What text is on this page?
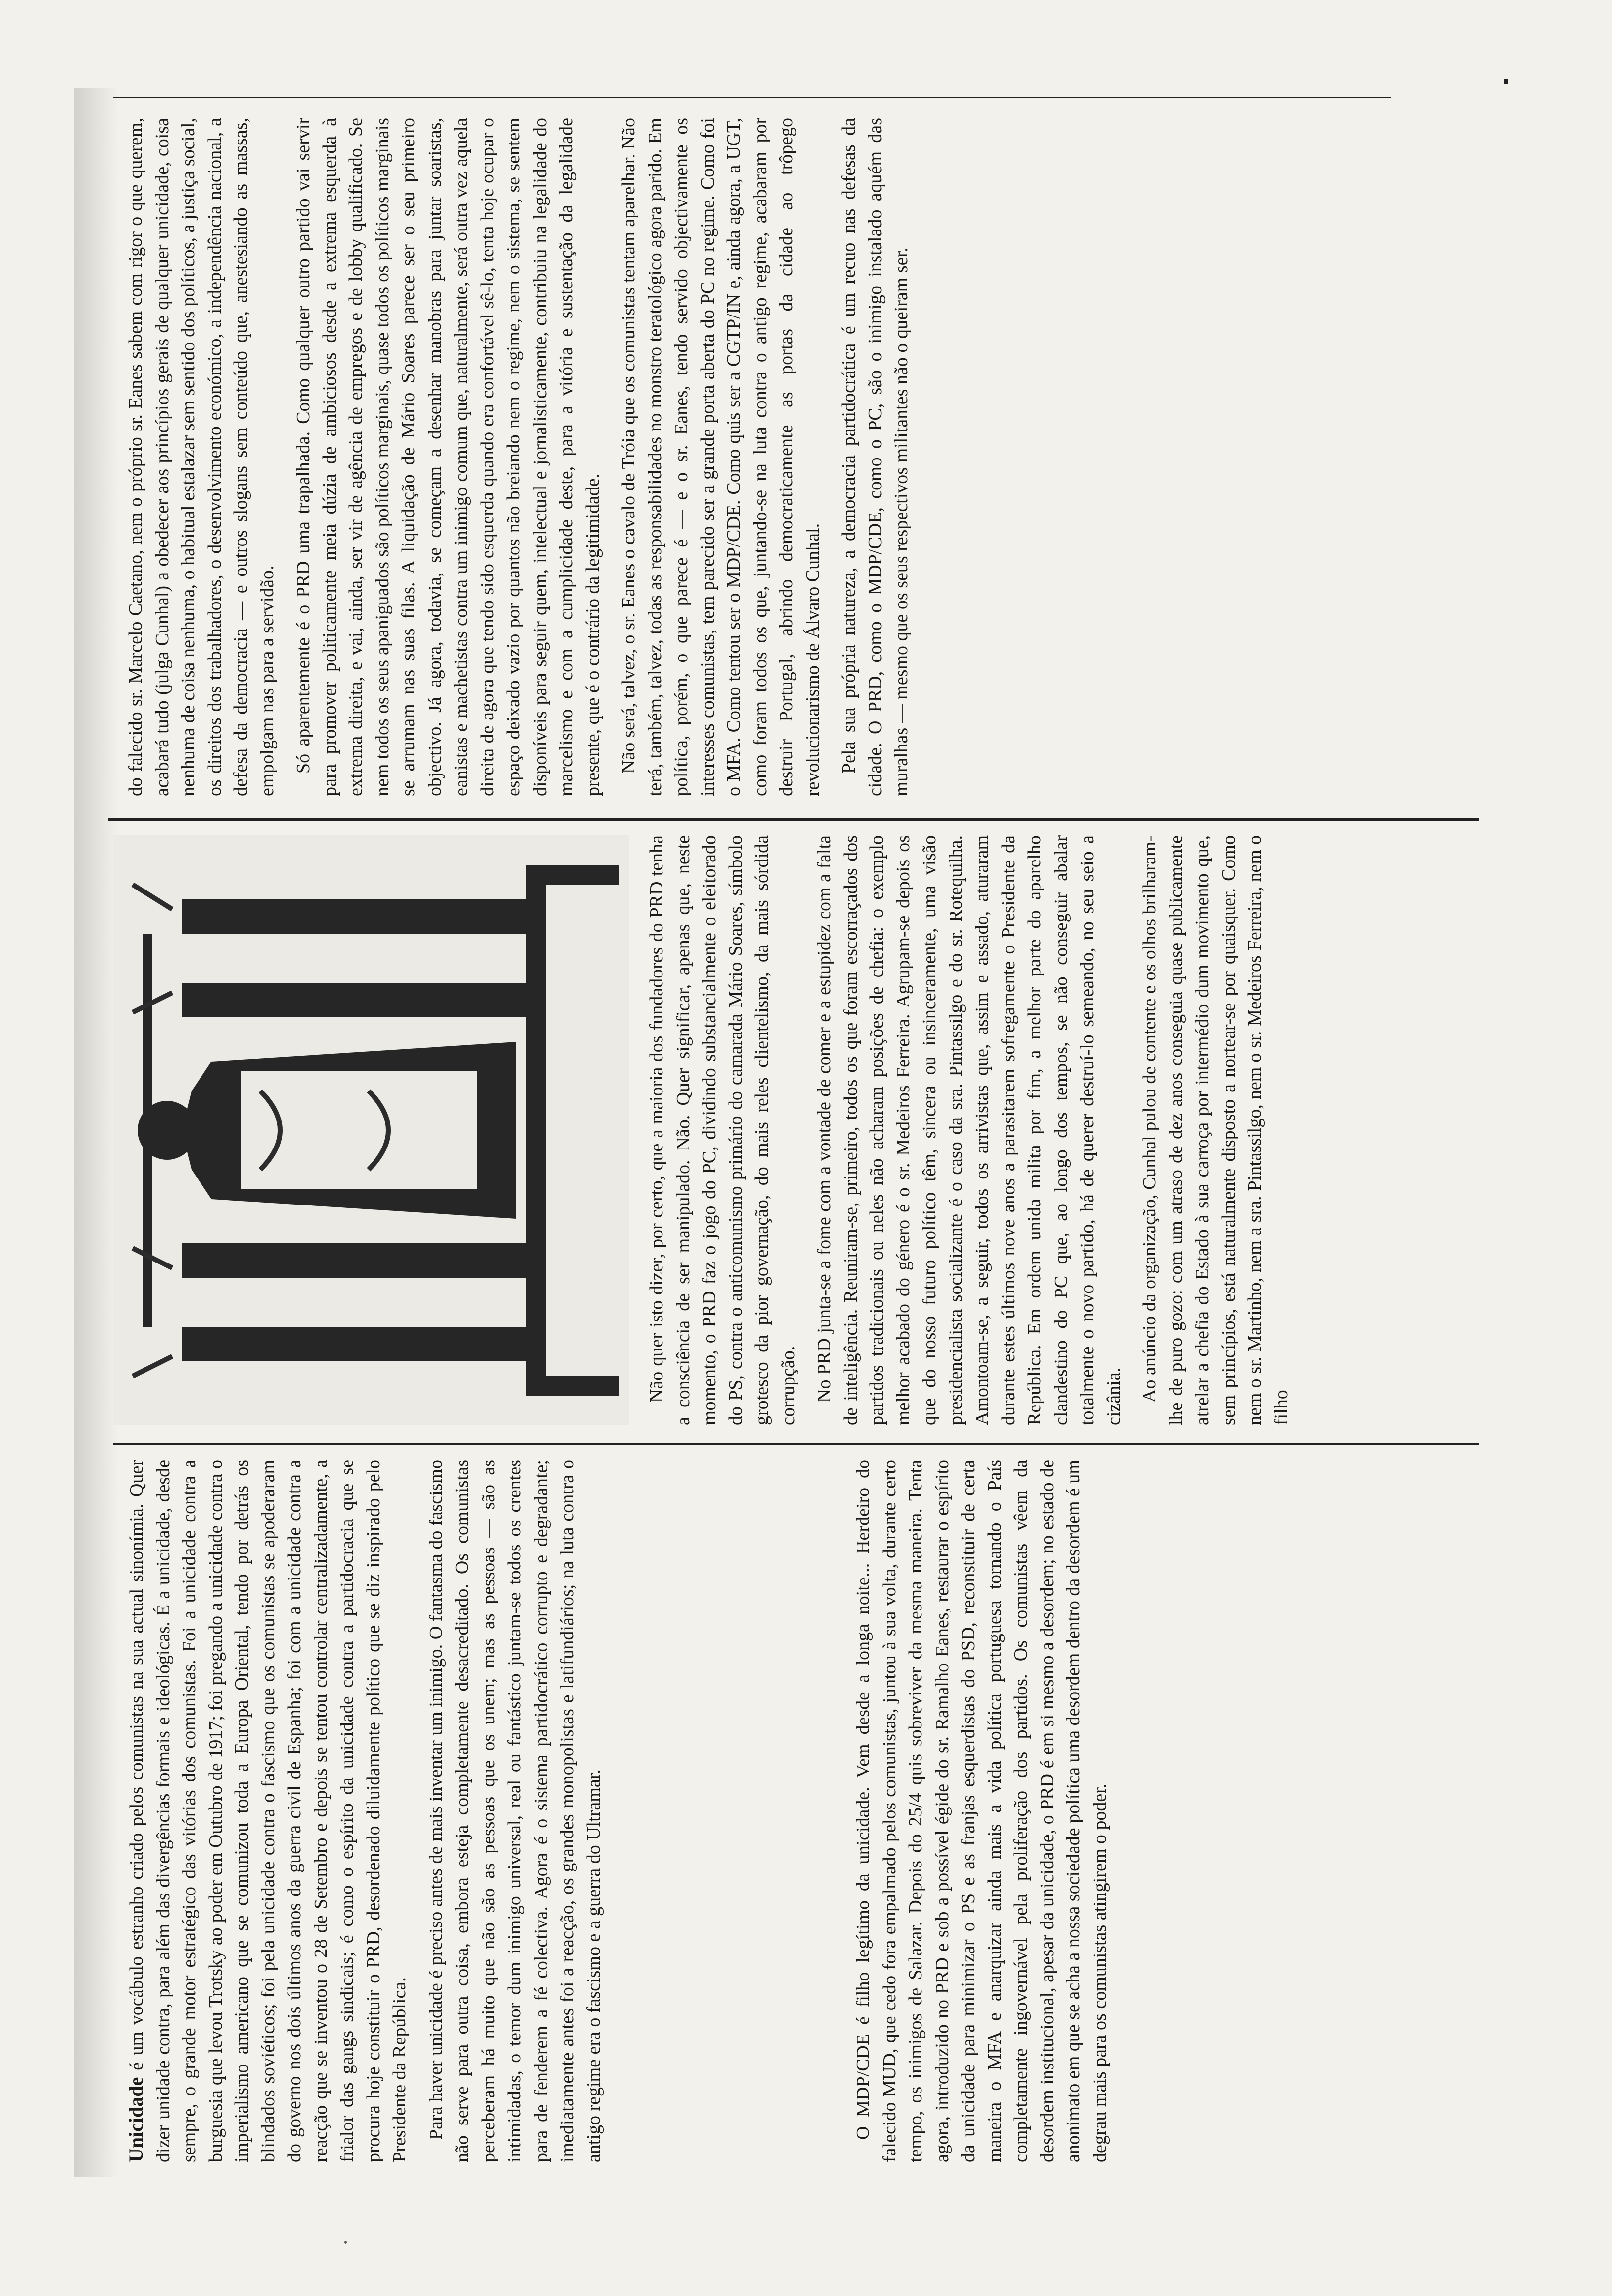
Unicidade é um vocábulo estranho criado pelos comunistas na sua actual sinonímia. Quer dizer unidade contra, para além das divergências formais e ideológicas. É a unicidade, desde sempre, o grande motor estratégico das vitórias dos comunistas. Foi a unicidade contra a burguesia que levou Trotsky ao poder em Outubro de 1917; foi pregando a unicidade contra o imperialismo americano que se comunizou toda a Europa Oriental, tendo por detrás os blindados soviéticos; foi pela unicidade contra o fascismo que os comunistas se apoderaram do governo nos dois últimos anos da guerra civil de Espanha; foi com a unicidade contra a reacção que se inventou o 28 de Setembro e depois se tentou controlar centralizadamente, a frialor das gangs sindicais; é como o espírito da unicidade contra a partidocracia que se procura hoje constituir o PRD, desordenado diluidamente político que se diz inspirado pelo Presidente da República. Para haver unicidade é preciso antes de mais inventar um inimigo. O fantasma do fascismo não serve para outra coisa, embora esteja completamente desacreditado. Os comunistas perceberam há muito que não são as pessoas que os unem; mas as pessoas — são as intimidadas, o temor dum inimigo universal, real ou fantástico juntam-se todos os crentes para de fenderem a fé colectiva. Agora é o sistema partidocrático corrupto e degradante; imediatamente antes foi a reacção, os grandes monopolistas e latifundiários; na luta contra o antigo regime era o fascismo e a guerra do Ultramar.	O MDP/CDE é filho legítimo da unicidade. Vem desde a longa noite... Herdeiro do falecido MUD, que cedo fora empalmado pelos comunistas, juntou à sua volta, durante certo tempo, os inimigos de Salazar. Depois do 25/4 quis sobreviver da mesma maneira. Tenta agora, introduzido no PRD e sob a possível égide do sr. Ramalho Eanes, restaurar o espírito da unicidade para minimizar o PS e as franjas esquerdistas do PSD, reconstituir de certa maneira o MFA e anarquizar ainda mais a vida política portuguesa tornando o País completamente ingovernável pela proliferação dos partidos. Os comunistas vêem da desordem institucional, apesar da unicidade, o PRD é em si mesmo a desordem; no estado de anonimato em que se acha a nossa sociedade política uma desordem dentro da desordem é um degrau mais para os comunistas atingirem o poder.

Não quer isto dizer, por certo, que a maioria dos fundadores do PRD tenha a consciência de ser manipulado. Não. Quer significar, apenas que, neste momento, o PRD faz o jogo do PC, dividindo substancialmente o eleitorado do PS, contra o anticomunismo primário do camarada Mário Soares, símbolo grotesco da pior governação, do mais reles clientelismo, da mais sórdida corrupção. No PRD junta-se a fome com a vontade de comer e a estupidez com a falta de inteligência. Reuniram-se, primeiro, todos os que foram escorraçados dos partidos tradicionais ou neles não acharam posições de chefia: o exemplo melhor acabado do género é o sr. Medeiros Ferreira. Agrupam-se depois os que do nosso futuro político têm, sincera ou insinceramente, uma visão presidencialista socializante é o caso da sra. Pintassilgo e do sr. Rotequilha. Amontoam-se, a seguir, todos os arrivistas que, assim e assado, aturaram durante estes últimos nove anos a parasitarem sofregamente o Presidente da República. Em ordem unida milita por fim, a melhor parte do aparelho clandestino do PC que, ao longo dos tempos, se não conseguir abalar totalmente o novo partido, há de querer destruí-lo semeando, no seu seio a cizânia. Ao anúncio da organização, Cunhal pulou de contente e os olhos brilharam-lhe de puro gozo: com um atraso de dez anos conseguia quase publicamente atrelar a chefia do Estado à sua carroça por intermédio dum movimento que, sem princípios, está naturalmente disposto a nortear-se por quaisquer. Como nem o sr. Martinho, nem a sra. Pintassilgo, nem o sr. Medeiros Ferreira, nem o filho

do falecido sr. Marcelo Caetano, nem o próprio sr. Eanes sabem com rigor o que querem, acabará tudo (julga Cunhal) a obedecer aos princípios gerais de qualquer unicidade, coisa nenhuma de coisa nenhuma, o habitual estalazar sem sentido dos políticos, a justiça social, os direitos dos trabalhadores, o desenvolvimento económico, a independência nacional, a defesa da democracia — e outros slogans sem conteúdo que, anestesiando as massas, empolgam nas para a servidão. Só aparentemente é o PRD uma trapalhada. Como qualquer outro partido vai servir para promover politicamente meia dúzia de ambiciosos desde a extrema esquerda à extrema direita, e vai, ainda, ser vir de agência de empregos e de lobby qualificado. Se nem todos os seus apaniguados são políticos marginais, quase todos os políticos marginais se arrumam nas suas filas. A liquidação de Mário Soares parece ser o seu primeiro objectivo. Já agora, todavia, se começam a desenhar manobras para juntar soaristas, eanistas e machetistas contra um inimigo comum que, naturalmente, será outra vez aquela direita de agora que tendo sido esquerda quando era confortável sê-lo, tenta hoje ocupar o espaço deixado vazio por quantos não breiando nem o regime, nem o sistema, se sentem disponíveis para seguir quem, intelectual e jornalisticamente, contribuiu na legalidade do marcelismo e com a cumplicidade deste, para a vitória e sustentação da legalidade presente, que é o contrário da legitimidade. Não será, talvez, o sr. Eanes o cavalo de Tróia que os comunistas tentam aparelhar. Não terá, também, talvez, todas as responsabilidades no monstro teratológico agora parido. Em política, porém, o que parece é — e o sr. Eanes, tendo servido objectivamente os interesses comunistas, tem parecido ser a grande porta aberta do PC no regime. Como foi o MFA. Como tentou ser o MDP/CDE. Como quis ser a CGTP/IN e, ainda agora, a UGT, como foram todos os que, juntando-se na luta contra o antigo regime, acabaram por destruir Portugal, abrindo democraticamente as portas da cidade ao trôpego revolucionarismo de Álvaro Cunhal. Pela sua própria natureza, a democracia partidocrática é um recuo nas defesas da cidade. O PRD, como o MDP/CDE, como o PC, são o inimigo instalado aquém das muralhas — mesmo que os seus respectivos militantes não o queiram ser.
